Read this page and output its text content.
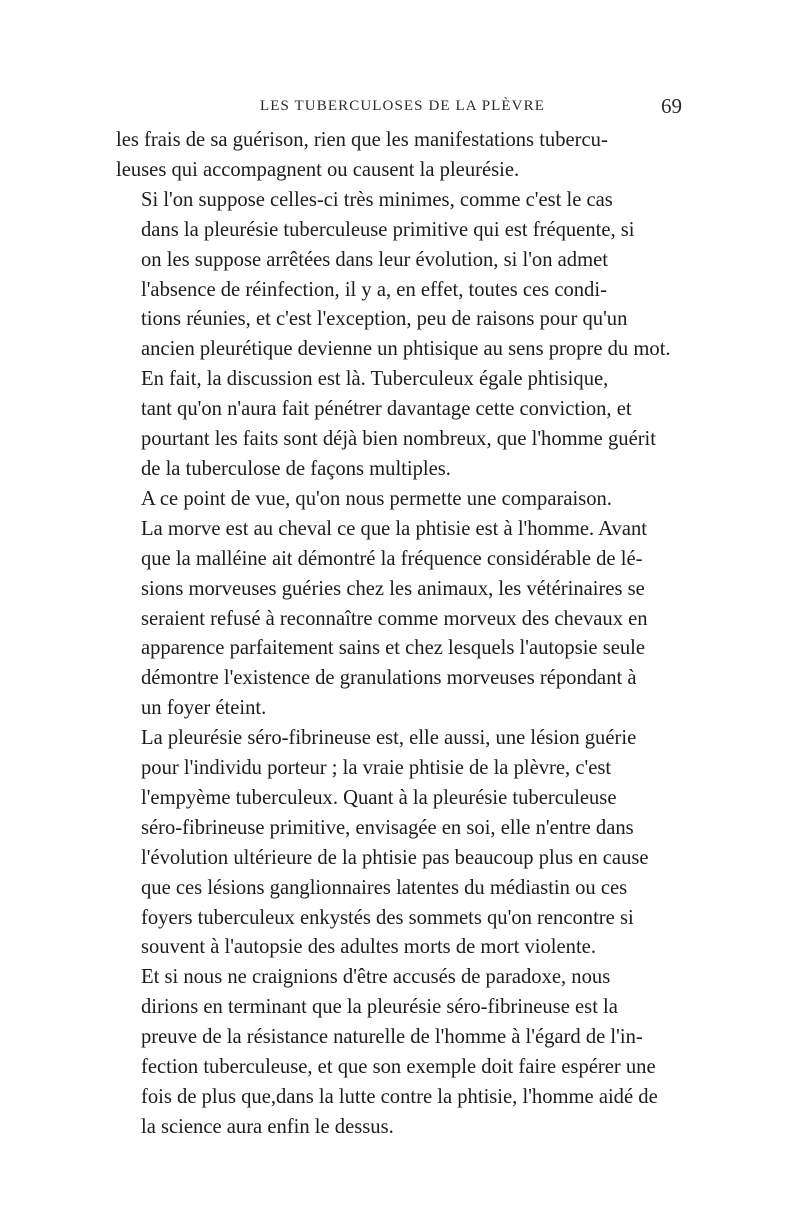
LES TUBERCULOSES DE LA PLÈVRE	69

les frais de sa guérison, rien que les manifestations tubercu-
leuses qui accompagnent ou causent la pleurésie.

Si l'on suppose celles-ci très minimes, comme c'est le cas
dans la pleurésie tuberculeuse primitive qui est fréquente, si
on les suppose arrêtées dans leur évolution, si l'on admet
l'absence de réinfection, il y a, en effet, toutes ces condi-
tions réunies, et c'est l'exception, peu de raisons pour qu'un
ancien pleurétique devienne un phtisique au sens propre du mot.

En fait, la discussion est là. Tuberculeux égale phtisique,
tant qu'on n'aura fait pénétrer davantage cette conviction, et
pourtant les faits sont déjà bien nombreux, que l'homme guérit
de la tuberculose de façons multiples.

A ce point de vue, qu'on nous permette une comparaison.
La morve est au cheval ce que la phtisie est à l'homme. Avant
que la malléine ait démontré la fréquence considérable de lé-
sions morveuses guéries chez les animaux, les vétérinaires se
seraient refusé à reconnaître comme morveux des chevaux en
apparence parfaitement sains et chez lesquels l'autopsie seule
démontre l'existence de granulations morveuses répondant à
un foyer éteint.

La pleurésie séro-fibrineuse est, elle aussi, une lésion guérie
pour l'individu porteur ; la vraie phtisie de la plèvre, c'est
l'empyème tuberculeux. Quant à la pleurésie tuberculeuse
séro-fibrineuse primitive, envisagée en soi, elle n'entre dans
l'évolution ultérieure de la phtisie pas beaucoup plus en cause
que ces lésions ganglionnaires latentes du médiastin ou ces
foyers tuberculeux enkystés des sommets qu'on rencontre si
souvent à l'autopsie des adultes morts de mort violente.

Et si nous ne craignions d'être accusés de paradoxe, nous
dirions en terminant que la pleurésie séro-fibrineuse est la
preuve de la résistance naturelle de l'homme à l'égard de l'in-
fection tuberculeuse, et que son exemple doit faire espérer une
fois de plus que,dans la lutte contre la phtisie, l'homme aidé de
la science aura enfin le dessus.
